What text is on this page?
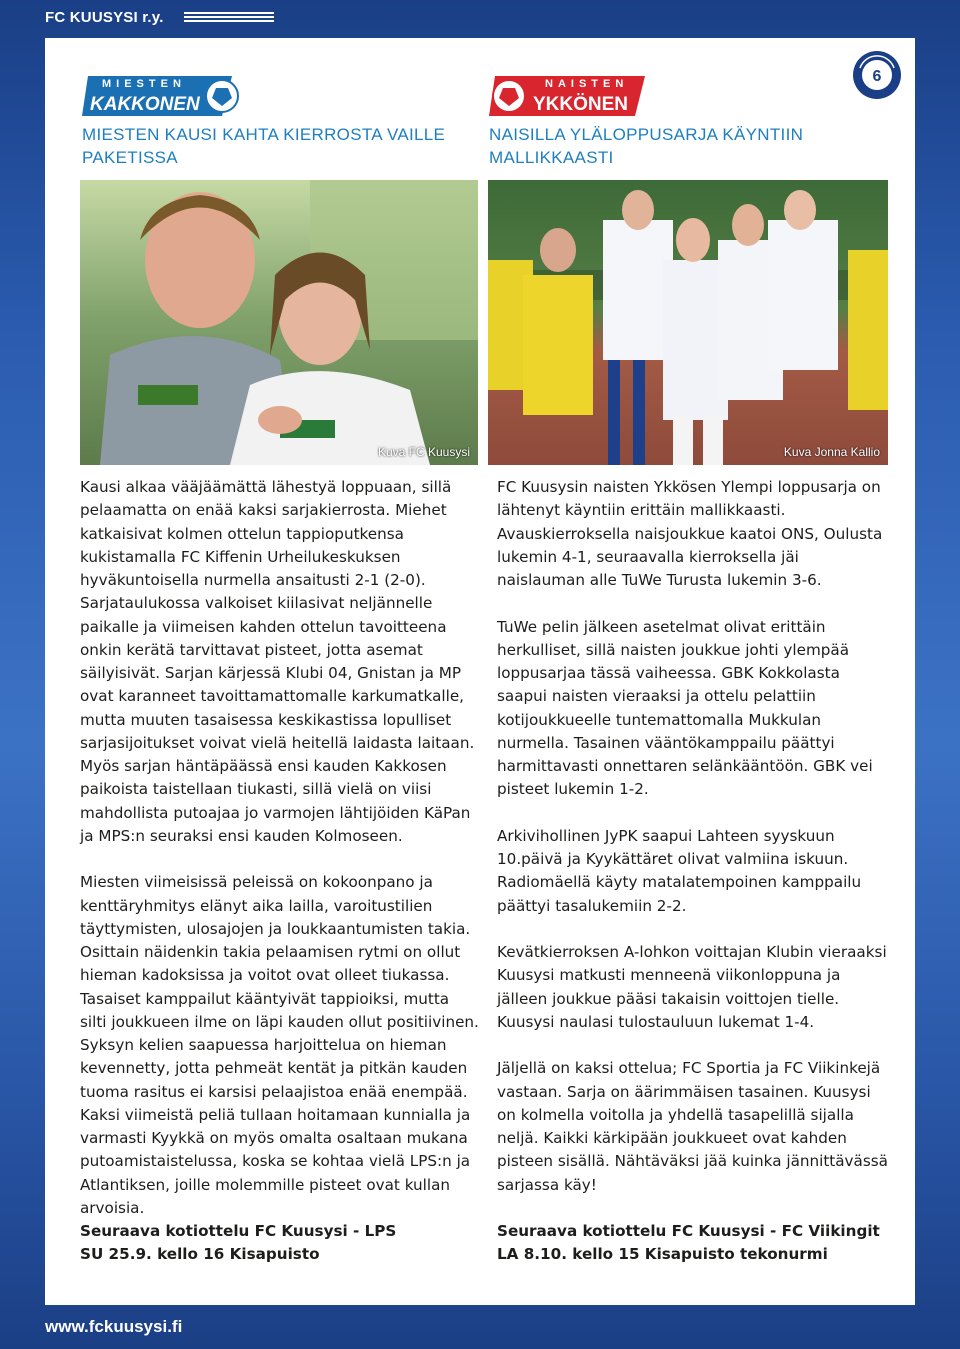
FC KUUSYSI r.y.
MIESTEN
KAKKONEN
NAISTEN
YKKÖNEN
6
MIESTEN KAUSI KAHTA KIERROSTA VAILLE PAKETISSA
NAISILLA YLÄLOPPUSARJA KÄYNTIIN MALLIKKAASTI
Kuva FC Kuusysi	Kuva Jonna Kallio

Kausi alkaa vääjäämättä lähestyä loppuaan, sillä pelaamatta on enää kaksi sarjakierrosta. Miehet katkaisivat kolmen ottelun tappioputkensa kukistamalla FC Kiffenin Urheilukeskuksen hyväkuntoisella nurmella ansaitusti 2-1 (2-0). Sarjataulukossa valkoiset kiilasivat neljännelle paikalle ja viimeisen kahden ottelun tavoitteena onkin kerätä tarvittavat pisteet, jotta asemat säilyisivät. Sarjan kärjessä Klubi 04, Gnistan ja MP ovat karanneet tavoittamattomalle karkumatkalle, mutta muuten tasaisessa keskikastissa lopulliset sarjasijoitukset voivat vielä heitellä laidasta laitaan. Myös sarjan häntäpäässä ensi kauden Kakkosen paikoista taistellaan tiukasti, sillä vielä on viisi mahdollista putoajaa jo varmojen lähtijöiden KäPan ja MPS:n seuraksi ensi kauden Kolmoseen.

Miesten viimeisissä peleissä on kokoonpano ja kenttäryhmitys elänyt aika lailla, varoitustilien täyttymisten, ulosajojen ja loukkaantumisten takia. Osittain näidenkin takia pelaamisen rytmi on ollut hieman kadoksissa ja voitot ovat olleet tiukassa. Tasaiset kamppailut kääntyivät tappioiksi, mutta silti joukkueen ilme on läpi kauden ollut positiivinen. Syksyn kelien saapuessa harjoittelua on hieman kevennetty, jotta pehmeät kentät ja pitkän kauden tuoma rasitus ei karsisi pelaajistoa enää enempää. Kaksi viimeistä peliä tullaan hoitamaan kunnialla ja varmasti Kyykkä on myös omalta osaltaan mukana putoamistaistelussa, koska se kohtaa vielä LPS:n ja Atlantiksen, joille molemmille pisteet ovat kullan arvoisia.

Seuraava kotiottelu FC Kuusysi - LPS

SU 25.9. kello 16 Kisapuisto

FC Kuusysin naisten Ykkösen Ylempi loppusarja on lähtenyt käyntiin erittäin mallikkaasti. Avauskierroksella naisjoukkue kaatoi ONS, Oulusta lukemin 4-1, seuraavalla kierroksella jäi naislauman alle TuWe Turusta lukemin 3-6.

TuWe pelin jälkeen asetelmat olivat erittäin herkulliset, sillä naisten joukkue johti ylempää loppusarjaa tässä vaiheessa. GBK Kokkolasta saapui naisten vieraaksi ja ottelu pelattiin kotijoukkueelle tuntemattomalla Mukkulan nurmella. Tasainen vääntökamppailu päättyi harmittavasti onnettaren selänkääntöön. GBK vei pisteet lukemin 1-2.

Arkivihollinen JyPK saapui Lahteen syyskuun 10.päivä ja Kyykättäret olivat valmiina iskuun. Radiomäellä käyty matalatempoinen kamppailu päättyi tasalukemiin 2-2.

Kevätkierroksen A-lohkon voittajan Klubin vieraaksi Kuusysi matkusti menneenä viikonloppuna ja jälleen joukkue pääsi takaisin voittojen tielle. Kuusysi naulasi tulostauluun lukemat 1-4.

Jäljellä on kaksi ottelua; FC Sportia ja FC Viikinkejä vastaan. Sarja on äärimmäisen tasainen. Kuusysi on kolmella voitolla ja yhdellä tasapelillä sijalla neljä. Kaikki kärkipään joukkueet ovat kahden pisteen sisällä. Nähtäväksi jää kuinka jännittävässä sarjassa käy!

Seuraava kotiottelu FC Kuusysi - FC Viikingit

LA 8.10. kello 15 Kisapuisto tekonurmi

www.fckuusysi.fi
